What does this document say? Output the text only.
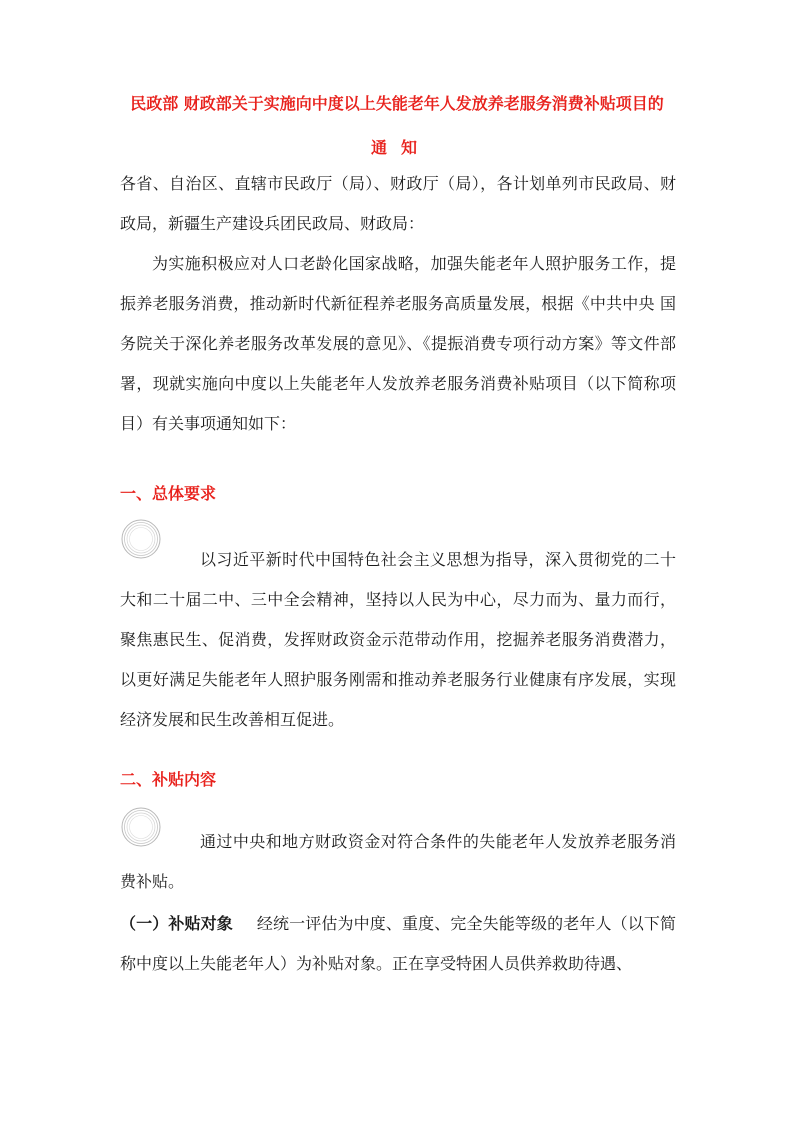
民政部 财政部关于实施向中度以上失能老年人发放养老服务消费补贴项目的
通知

各省、自治区、直辖市民政厅（局）、财政厅（局），各计划单列市民政局、财政局，新疆生产建设兵团民政局、财政局：

为实施积极应对人口老龄化国家战略，加强失能老年人照护服务工作，提振养老服务消费，推动新时代新征程养老服务高质量发展，根据《中共中央 国务院关于深化养老服务改革发展的意见》、《提振消费专项行动方案》等文件部署，现就实施向中度以上失能老年人发放养老服务消费补贴项目（以下简称项目）有关事项通知如下：

一、总体要求

以习近平新时代中国特色社会主义思想为指导，深入贯彻党的二十大和二十届二中、三中全会精神，坚持以人民为中心，尽力而为、量力而行，聚焦惠民生、促消费，发挥财政资金示范带动作用，挖掘养老服务消费潜力，以更好满足失能老年人照护服务刚需和推动养老服务行业健康有序发展，实现经济发展和民生改善相互促进。

二、补贴内容

通过中央和地方财政资金对符合条件的失能老年人发放养老服务消费补贴。

（一）补贴对象 经统一评估为中度、重度、完全失能等级的老年人（以下简称中度以上失能老年人）为补贴对象。正在享受特困人员供养救助待遇、
